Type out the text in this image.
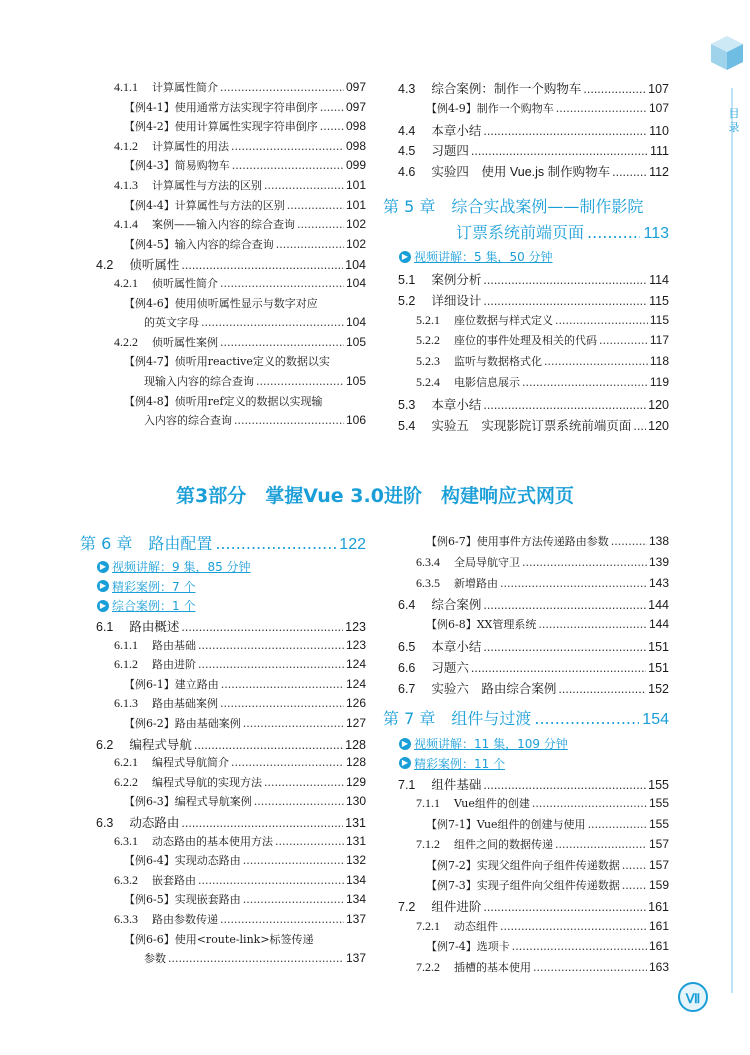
目录
4.1.1 计算属性简介 .....	097
【例4-1】使用通常方法实现字符串倒序 ..... 097
【例4-2】使用计算属性实现字符串倒序 ..... 098
4.1.2 计算属性的用法 .....	098
【例4-3】简易购物车 .....	099
4.1.3 计算属性与方法的区别 .....	101
【例4-4】计算属性与方法的区别 .....	101
4.1.4 案例——输入内容的综合查询 .....	102
【例4-5】输入内容的综合查询 .....	102
4.2 侦听属性 .....	104
4.2.1 侦听属性简介 .....	104
【例4-6】使用侦听属性显示与数字对应
的英文字母 .....	104
4.2.2 侦听属性案例 .....	105
【例4-7】侦听用reactive定义的数据以实
现输入内容的综合查询 .....	105
【例4-8】侦听用ref定义的数据以实现输
入内容的综合查询 .....	106
4.3 综合案例：制作一个购物车 .....	107
【例4-9】制作一个购物车 .....	107
4.4 本章小结 .....	110
4.5 习题四 .....	111
4.6 实验四　使用 Vue.js 制作购物车 .....	112
第 5 章　综合实战案例——制作影院
订票系统前端页面 .....	113
▶ 视频讲解：5 集，50 分钟
5.1 案例分析 .....	114
5.2 详细设计 .....	115
5.2.1 座位数据与样式定义 .....	115
5.2.2 座位的事件处理及相关的代码 .....	117
5.2.3 监听与数据格式化 .....	118
5.2.4 电影信息展示 .....	119
5.3 本章小结 .....	120
5.4 实验五　实现影院订票系统前端页面 ..... 120
第3部分　掌握Vue 3.0进阶　构建响应式网页
第 6 章　路由配置 .....	122
▶ 视频讲解：9 集，85 分钟
▶ 精彩案例：7 个
▶ 综合案例：1 个
6.1 路由概述 .....	123
6.1.1 路由基础 .....	123
6.1.2 路由进阶 .....	124
【例6-1】建立路由 .....	124
6.1.3 路由基础案例 .....	126
【例6-2】路由基础案例 .....	127
6.2 编程式导航 .....	128
6.2.1 编程式导航简介 .....	128
6.2.2 编程式导航的实现方法 .....	129
【例6-3】编程式导航案例 .....	130
6.3 动态路由 .....	131
6.3.1 动态路由的基本使用方法 .....	131
【例6-4】实现动态路由 .....	132
6.3.2 嵌套路由 .....	134
【例6-5】实现嵌套路由 .....	134
6.3.3 路由参数传递 .....	137
【例6-6】使用<route-link>标签传递
参数 .....	137
【例6-7】使用事件方法传递路由参数 .....	138
6.3.4 全局导航守卫 .....	139
6.3.5 新增路由 .....	143
6.4 综合案例 .....	144
【例6-8】XX管理系统 .....	144
6.5 本章小结 .....	151
6.6 习题六 .....	151
6.7 实验六　路由综合案例 .....	152
第 7 章　组件与过渡 .....	154
▶ 视频讲解：11 集，109 分钟
▶ 精彩案例：11 个
7.1 组件基础 .....	155
7.1.1 Vue组件的创建 .....	155
【例7-1】Vue组件的创建与使用 .....	155
7.1.2 组件之间的数据传递 .....	157
【例7-2】实现父组件向子组件传递数据 ..... 157
【例7-3】实现子组件向父组件传递数据 ..... 159
7.2 组件进阶 .....	161
7.2.1 动态组件 .....	161
【例7-4】选项卡 .....	161
7.2.2 插槽的基本使用 .....	163
Ⅶ
